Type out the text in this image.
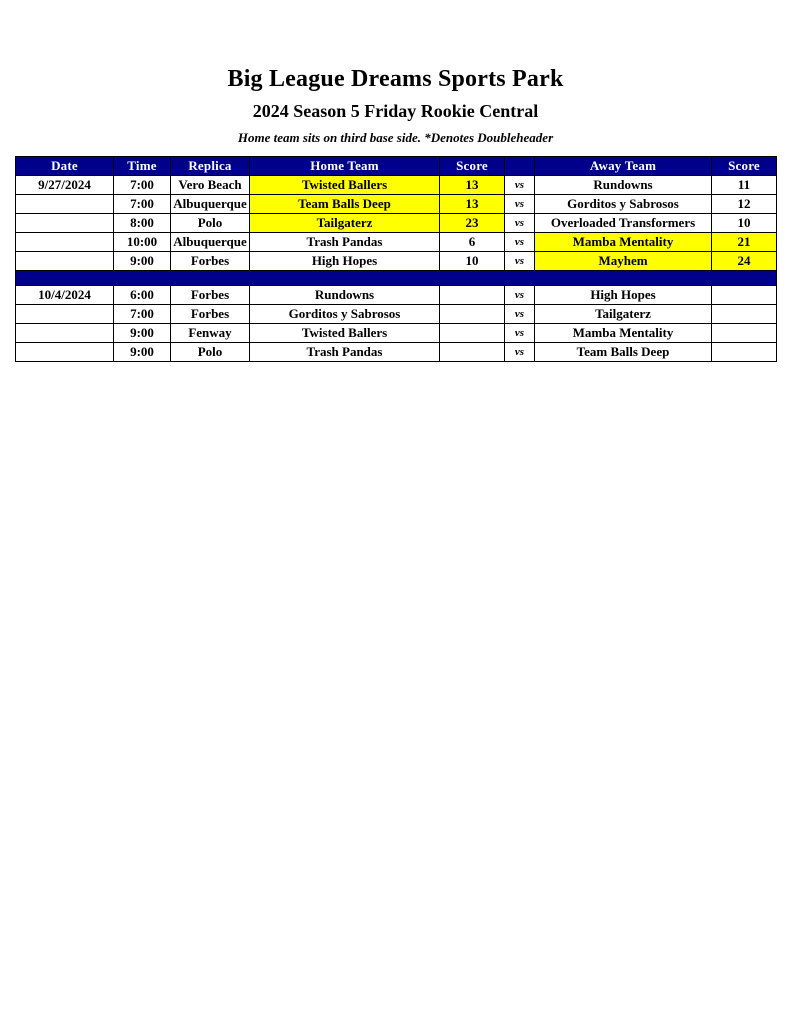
Big League Dreams Sports Park
2024 Season 5 Friday Rookie Central

Home team sits on third base side. *Denotes Doubleheader

Date	Time	Replica	Home Team	Score		Away Team	Score
9/27/2024	7:00	Vero Beach	Twisted Ballers	13	vs	Rundowns	11
	7:00	Albuquerque	Team Balls Deep	13	vs	Gorditos y Sabrosos	12
	8:00	Polo	Tailgaterz	23	vs	Overloaded Transformers	10
	10:00	Albuquerque	Trash Pandas	6	vs	Mamba Mentality	21
	9:00	Forbes	High Hopes	10	vs	Mayhem	24

10/4/2024	6:00	Forbes	Rundowns		vs	High Hopes	
	7:00	Forbes	Gorditos y Sabrosos		vs	Tailgaterz	
	9:00	Fenway	Twisted Ballers		vs	Mamba Mentality	
	9:00	Polo	Trash Pandas		vs	Team Balls Deep	
